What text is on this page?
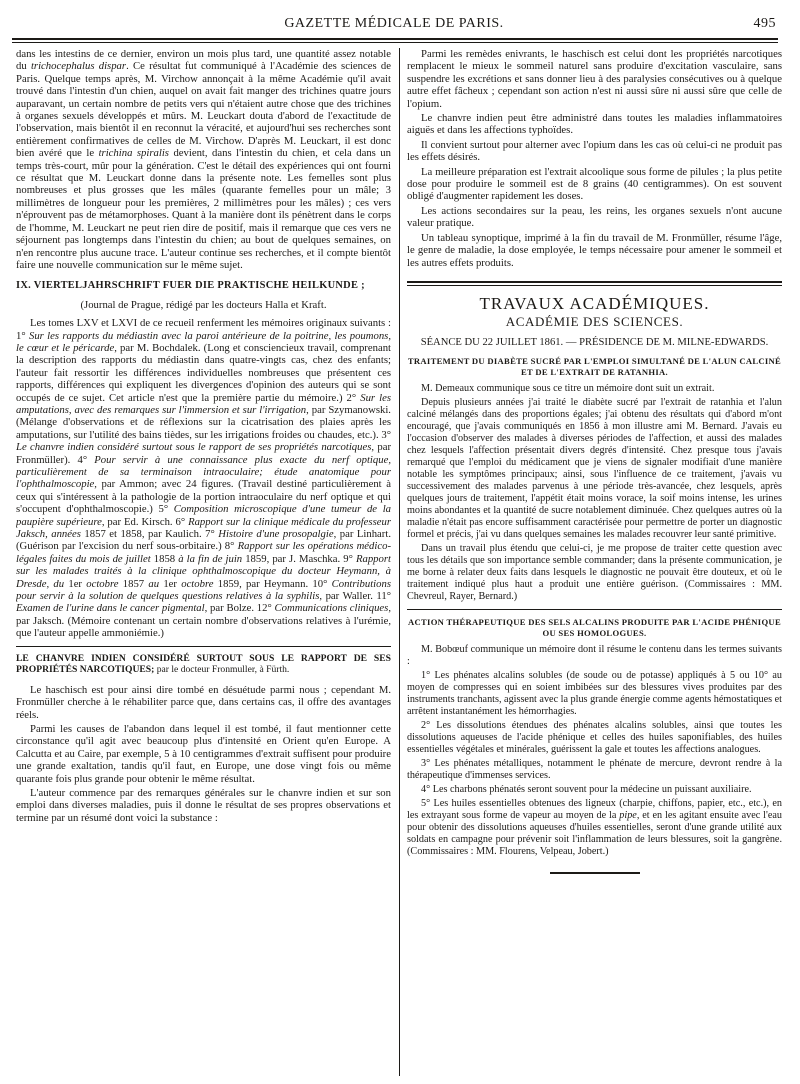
GAZETTE MÉDICALE DE PARIS.	495

dans les intestins de ce dernier, environ un mois plus tard, une quantité assez notable du trichocephalus dispar. Ce résultat fut communiqué à l'Académie des sciences de Paris. Quelque temps après, M. Virchow annonçait à la même Académie qu'il avait trouvé dans l'intestin d'un chien, auquel on avait fait manger des trichines quatre jours auparavant, un certain nombre de petits vers qui n'étaient autre chose que des trichines à organes sexuels développés et mûrs. M. Leuckart douta d'abord de l'exactitude de l'observation, mais bientôt il en reconnut la véracité, et aujourd'hui ses recherches sont entièrement confirmatives de celles de M. Virchow. D'après M. Leuckart, il est donc bien avéré que le trichina spiralis devient, dans l'intestin du chien, et cela dans un temps très-court, mûr pour la génération. C'est le détail des expériences qui ont fourni ce résultat que M. Leuckart donne dans la présente note. Les femelles sont plus nombreuses et plus grosses que les mâles (quarante femelles pour un mâle; 3 millimètres de longueur pour les premières, 2 millimètres pour les mâles) ; ces vers n'éprouvent pas de métamorphoses. Quant à la manière dont ils pénètrent dans le corps de l'homme, M. Leuckart ne peut rien dire de positif, mais il remarque que ces vers ne séjournent pas longtemps dans l'intestin du chien; au bout de quelques semaines, on n'en rencontre plus aucune trace. L'auteur continue ses recherches, et il compte bientôt faire une nouvelle communication sur le même sujet.

IX. VIERTELJAHRSCHRIFT FUER DIE PRAKTISCHE HEILKUNDE ;

(Journal de Prague, rédigé par les docteurs Halla et Kraft.

Les tomes LXV et LXVI de ce recueil renferment les mémoires originaux suivants : 1° Sur les rapports du médiastin avec la paroi antérieure de la poitrine, les poumons, le cœur et le péricarde, par M. Bochdalek. (Long et consciencieux travail, comprenant la description des rapports du médiastin dans quatre-vingts cas, chez des enfants; l'auteur fait ressortir les différences individuelles nombreuses que présentent ces rapports, différences qui expliquent les divergences d'opinion des auteurs qui se sont occupés de ce sujet. Cet article n'est que la première partie du mémoire.) 2° Sur les amputations, avec des remarques sur l'immersion et sur l'irrigation, par Szymanowski. (Mélange d'observations et de réflexions sur la cicatrisation des plaies après les amputations, sur l'utilité des bains tièdes, sur les irrigations froides ou chaudes, etc.). 3° Le chanvre indien considéré surtout sous le rapport de ses propriétés narcotiques, par Fronmüller). 4° Pour servir à une connaissance plus exacte du nerf optique, particulièrement de sa terminaison intraoculaire; étude anatomique pour l'ophthalmoscopie, par Ammon; avec 24 figures. (Travail destiné particulièrement à ceux qui s'intéressent à la pathologie de la portion intraoculaire du nerf optique et qui s'occupent d'ophthalmoscopie.) 5° Composition microscopique d'une tumeur de la paupière supérieure, par Ed. Kirsch. 6° Rapport sur la clinique médicale du professeur Jaksch, années 1857 et 1858, par Kaulich. 7° Histoire d'une prosopalgie, par Linhart. (Guérison par l'excision du nerf sous-orbitaire.) 8° Rapport sur les opérations médico-légales faites du mois de juillet 1858 à la fin de juin 1859, par J. Maschka. 9° Rapport sur les malades traités à la clinique ophthalmoscopique du docteur Heymann, à Dresde, du 1er octobre 1857 au 1er octobre 1859, par Heymann. 10° Contributions pour servir à la solution de quelques questions relatives à la syphilis, par Waller. 11° Examen de l'urine dans le cancer pigmental, par Bolze. 12° Communications cliniques, par Jaksch. (Mémoire contenant un certain nombre d'observations relatives à l'urémie, que l'auteur appelle ammoniémie.)

LE CHANVRE INDIEN CONSIDÉRÉ SURTOUT SOUS LE RAPPORT DE SES PROPRIÉTÉS NARCOTIQUES; par le docteur Fronmuller, à Fürth.

Le haschisch est pour ainsi dire tombé en désuétude parmi nous ; cependant M. Fronmüller cherche à le réhabiliter parce que, dans certains cas, il offre des avantages réels.

Parmi les causes de l'abandon dans lequel il est tombé, il faut mentionner cette circonstance qu'il agit avec beaucoup plus d'intensité en Orient qu'en Europe. A Calcutta et au Caire, par exemple, 5 à 10 centigrammes d'extrait suffisent pour produire une grande exaltation, tandis qu'il faut, en Europe, une dose vingt fois ou même quarante fois plus grande pour obtenir le même résultat.

L'auteur commence par des remarques générales sur le chanvre indien et sur son emploi dans diverses maladies, puis il donne le résultat de ses propres observations et termine par un résumé dont voici la substance :

Parmi les remèdes enivrants, le haschisch est celui dont les propriétés narcotiques remplacent le mieux le sommeil naturel sans produire d'excitation vasculaire, sans suspendre les excrétions et sans donner lieu à des paralysies consécutives ou à quelque autre effet fâcheux ; cependant son action n'est ni aussi sûre ni aussi sûre que celle de l'opium.

Le chanvre indien peut être administré dans toutes les maladies inflammatoires aiguës et dans les affections typhoïdes.

Il convient surtout pour alterner avec l'opium dans les cas où celui-ci ne produit pas les effets désirés.

La meilleure préparation est l'extrait alcoolique sous forme de pilules ; la plus petite dose pour produire le sommeil est de 8 grains (40 centigrammes). On est souvent obligé d'augmenter rapidement les doses.

Les actions secondaires sur la peau, les reins, les organes sexuels n'ont aucune valeur pratique.

Un tableau synoptique, imprimé à la fin du travail de M. Fronmüller, résume l'âge, le genre de maladie, la dose employée, le temps nécessaire pour amener le sommeil et les autres effets produits.

TRAVAUX ACADÉMIQUES.
ACADÉMIE DES SCIENCES.
SÉANCE DU 22 JUILLET 1861. — PRÉSIDENCE DE M. MILNE-EDWARDS.
TRAITEMENT DU DIABÈTE SUCRÉ PAR L'EMPLOI SIMULTANÉ DE L'ALUN CALCINÉ ET DE L'EXTRAIT DE RATANHIA.

M. Demeaux communique sous ce titre un mémoire dont suit un extrait.

Depuis plusieurs années j'ai traité le diabète sucré par l'extrait de ratanhia et l'alun calciné mélangés dans des proportions égales; j'ai obtenu des résultats qui d'abord m'ont encouragé, que j'avais communiqués en 1856 à mon illustre ami M. Bernard. J'avais eu l'occasion d'observer des malades à diverses périodes de l'affection, et aussi des malades chez lesquels l'affection présentait divers degrés d'intensité. Chez presque tous j'avais remarqué que l'emploi du médicament que je viens de signaler modifiait d'une manière notable les symptômes principaux; ainsi, sous l'influence de ce traitement, j'avais vu successivement des malades parvenus à une période très-avancée, chez lesquels, après quelques jours de traitement, l'appétit était moins vorace, la soif moins intense, les urines moins abondantes et la quantité de sucre notablement diminuée. Chez quelques autres où la maladie n'était pas encore suffisamment caractérisée pour permettre de porter un diagnostic formel et précis, j'ai vu dans quelques semaines les malades recouvrer leur santé primitive.

Dans un travail plus étendu que celui-ci, je me propose de traiter cette question avec tous les détails que son importance semble commander; dans la présente communication, je me borne à relater deux faits dans lesquels le diagnostic ne pouvait être douteux, et où le traitement indiqué plus haut a produit une entière guérison. (Commissaires : MM. Chevreul, Rayer, Bernard.)

ACTION THÉRAPEUTIQUE DES SELS ALCALINS PRODUITE PAR L'ACIDE PHÉNIQUE OU SES HOMOLOGUES.

M. Bobœuf communique un mémoire dont il résume le contenu dans les termes suivants :

1° Les phénates alcalins solubles (de soude ou de potasse) appliqués à 5 ou 10° au moyen de compresses qui en soient imbibées sur des blessures vives produites par des instruments tranchants, agissent avec la plus grande énergie comme agents hémostatiques et arrêtent instantanément les hémorrhagies.

2° Les dissolutions étendues des phénates alcalins solubles, ainsi que toutes les dissolutions aqueuses de l'acide phénique et celles des huiles saponifiables, des huiles essentielles végétales et minérales, guérissent la gale et toutes les affections analogues.

3° Les phénates métalliques, notamment le phénate de mercure, devront rendre à la thérapeutique d'immenses services.

4° Les charbons phénatés seront souvent pour la médecine un puissant auxiliaire.

5° Les huiles essentielles obtenues des ligneux (charpie, chiffons, papier, etc., etc.), en les extrayant sous forme de vapeur au moyen de la pipe, et en les agitant ensuite avec l'eau pour obtenir des dissolutions aqueuses d'huiles essentielles, seront d'une grande utilité aux soldats en campagne pour prévenir soit l'inflammation de leurs blessures, soit la gangrène. (Commissaires : MM. Flourens, Velpeau, Jobert.)
